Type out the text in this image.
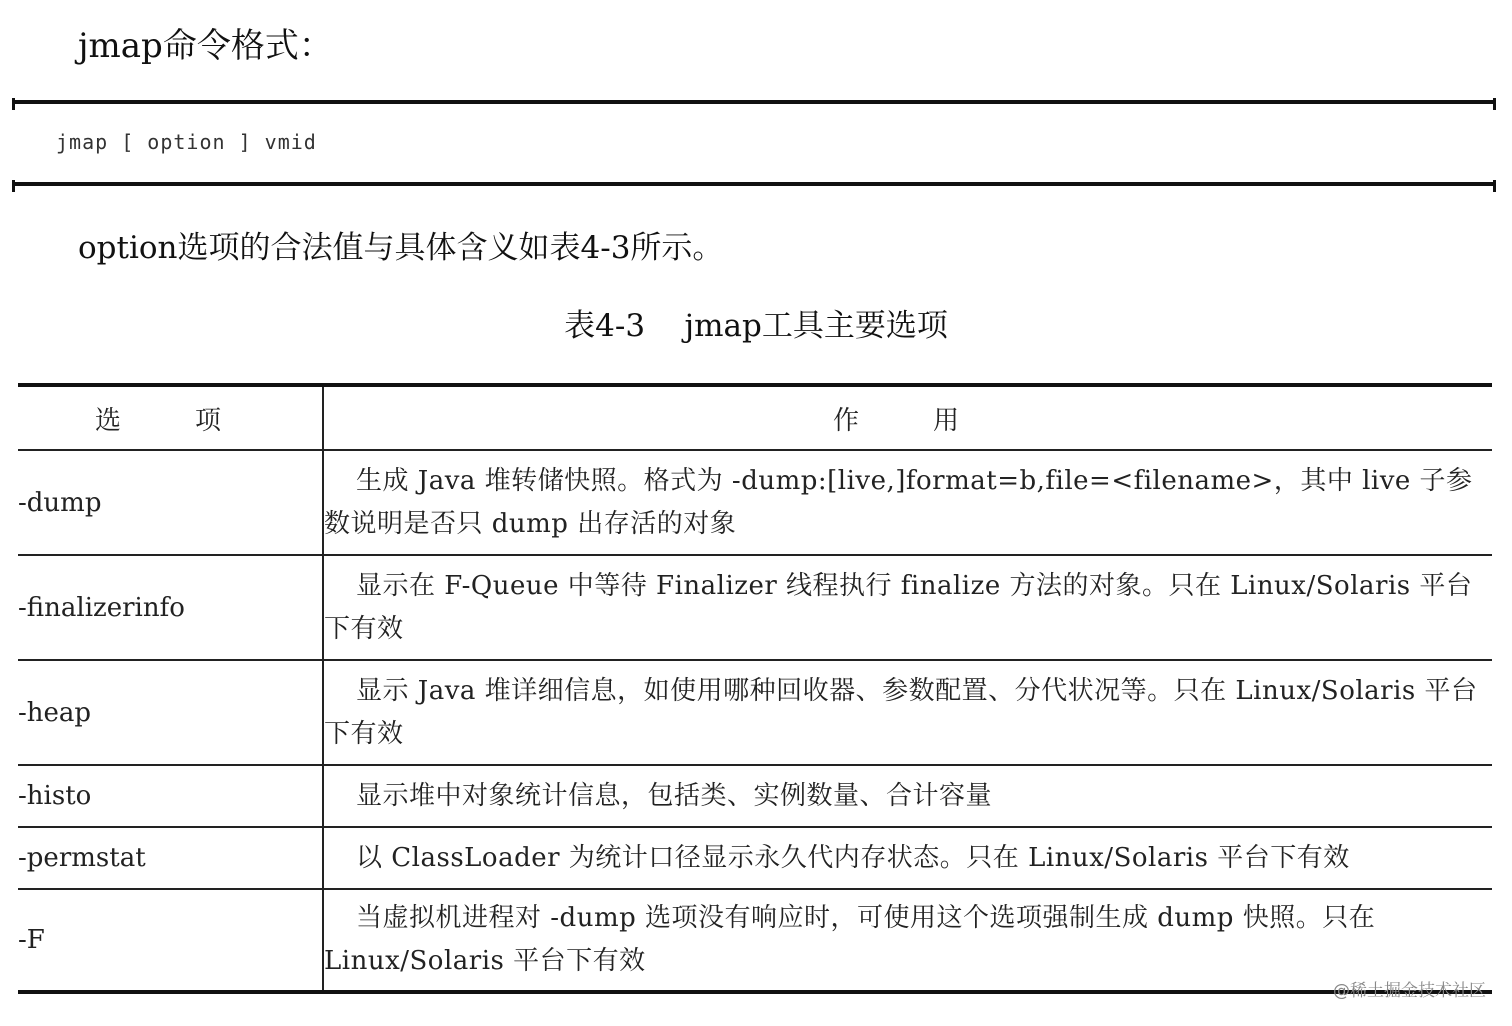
jmap命令格式：
jmap [ option ] vmid

option选项的合法值与具体含义如表4-3所示。

表4-3    jmap工具主要选项
选　项	作　用
-dump	生成 Java 堆转储快照。格式为 -dump:[live,]format=b,file=<filename>，其中 live 子参数说明是否只 dump 出存活的对象
-finalizerinfo	显示在 F-Queue 中等待 Finalizer 线程执行 finalize 方法的对象。只在 Linux/Solaris 平台下有效
-heap	显示 Java 堆详细信息，如使用哪种回收器、参数配置、分代状况等。只在 Linux/Solaris 平台下有效
-histo	显示堆中对象统计信息，包括类、实例数量、合计容量
-permstat	以 ClassLoader 为统计口径显示永久代内存状态。只在 Linux/Solaris 平台下有效
-F	当虚拟机进程对 -dump 选项没有响应时，可使用这个选项强制生成 dump 快照。只在 Linux/Solaris 平台下有效
@稀土掘金技术社区
